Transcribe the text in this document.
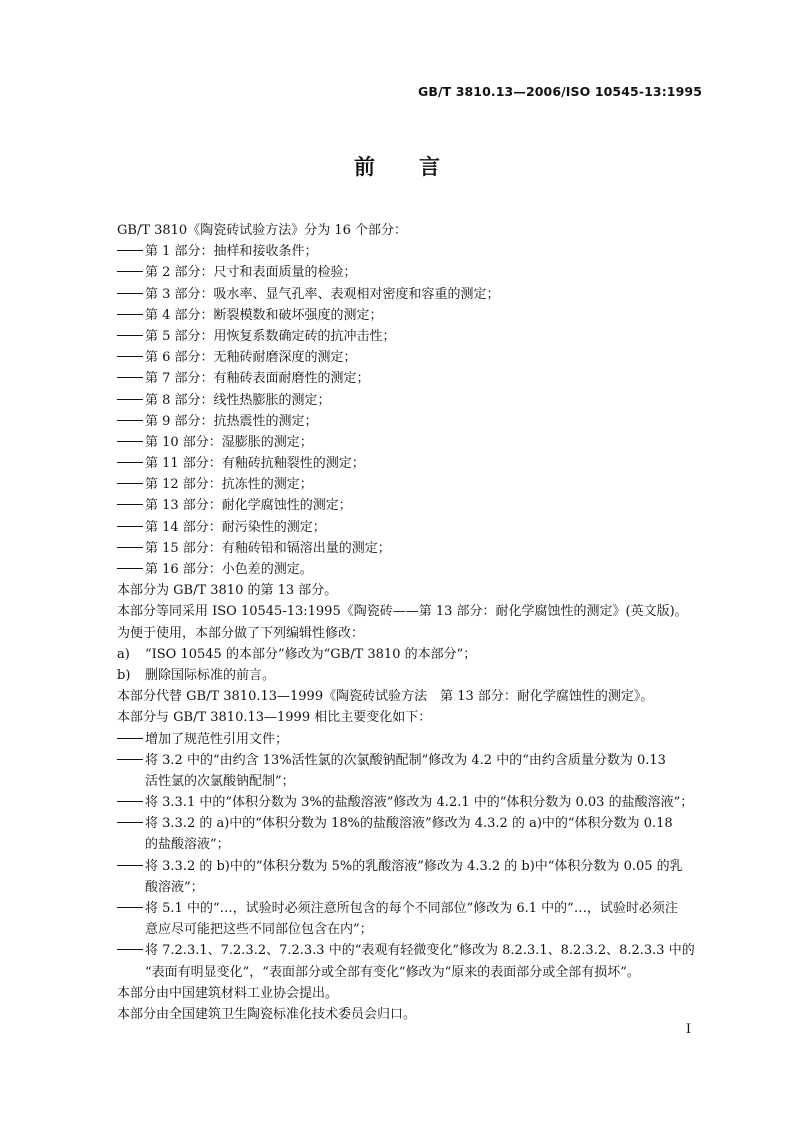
GB/T 3810.13—2006/ISO 10545-13:1995
前言
GB/T 3810《陶瓷砖试验方法》分为 16 个部分：
第 1 部分：抽样和接收条件；
第 2 部分：尺寸和表面质量的检验；
第 3 部分：吸水率、显气孔率、表观相对密度和容重的测定；
第 4 部分：断裂模数和破坏强度的测定；
第 5 部分：用恢复系数确定砖的抗冲击性；
第 6 部分：无釉砖耐磨深度的测定；
第 7 部分：有釉砖表面耐磨性的测定；
第 8 部分：线性热膨胀的测定；
第 9 部分：抗热震性的测定；
第 10 部分：湿膨胀的测定；
第 11 部分：有釉砖抗釉裂性的测定；
第 12 部分：抗冻性的测定；
第 13 部分：耐化学腐蚀性的测定；
第 14 部分：耐污染性的测定；
第 15 部分：有釉砖铅和镉溶出量的测定；
第 16 部分：小色差的测定。
本部分为 GB/T 3810 的第 13 部分。
本部分等同采用 ISO 10545-13:1995《陶瓷砖——第 13 部分：耐化学腐蚀性的测定》(英文版)。
为便于使用，本部分做了下列编辑性修改：
a) “ISO 10545 的本部分”修改为“GB/T 3810 的本部分”；
b) 删除国际标准的前言。
本部分代替 GB/T 3810.13—1999《陶瓷砖试验方法　第 13 部分：耐化学腐蚀性的测定》。
本部分与 GB/T 3810.13—1999 相比主要变化如下：
增加了规范性引用文件；
将 3.2 中的“由约含 13%活性氯的次氯酸钠配制”修改为 4.2 中的“由约含质量分数为 0.13
活性氯的次氯酸钠配制”；
将 3.3.1 中的“体积分数为 3%的盐酸溶液”修改为 4.2.1 中的“体积分数为 0.03 的盐酸溶液”；
将 3.3.2 的 a)中的“体积分数为 18%的盐酸溶液”修改为 4.3.2 的 a)中的“体积分数为 0.18
的盐酸溶液”；
将 3.3.2 的 b)中的“体积分数为 5%的乳酸溶液”修改为 4.3.2 的 b)中“体积分数为 0.05 的乳
酸溶液”；
将 5.1 中的“…，试验时必须注意所包含的每个不同部位”修改为 6.1 中的“…，试验时必须注
意应尽可能把这些不同部位包含在内”；
将 7.2.3.1、7.2.3.2、7.2.3.3 中的“表观有轻微变化”修改为 8.2.3.1、8.2.3.2、8.2.3.3 中的
“表面有明显变化”，“表面部分或全部有变化”修改为“原来的表面部分或全部有损坏”。
本部分由中国建筑材料工业协会提出。
本部分由全国建筑卫生陶瓷标准化技术委员会归口。
I
